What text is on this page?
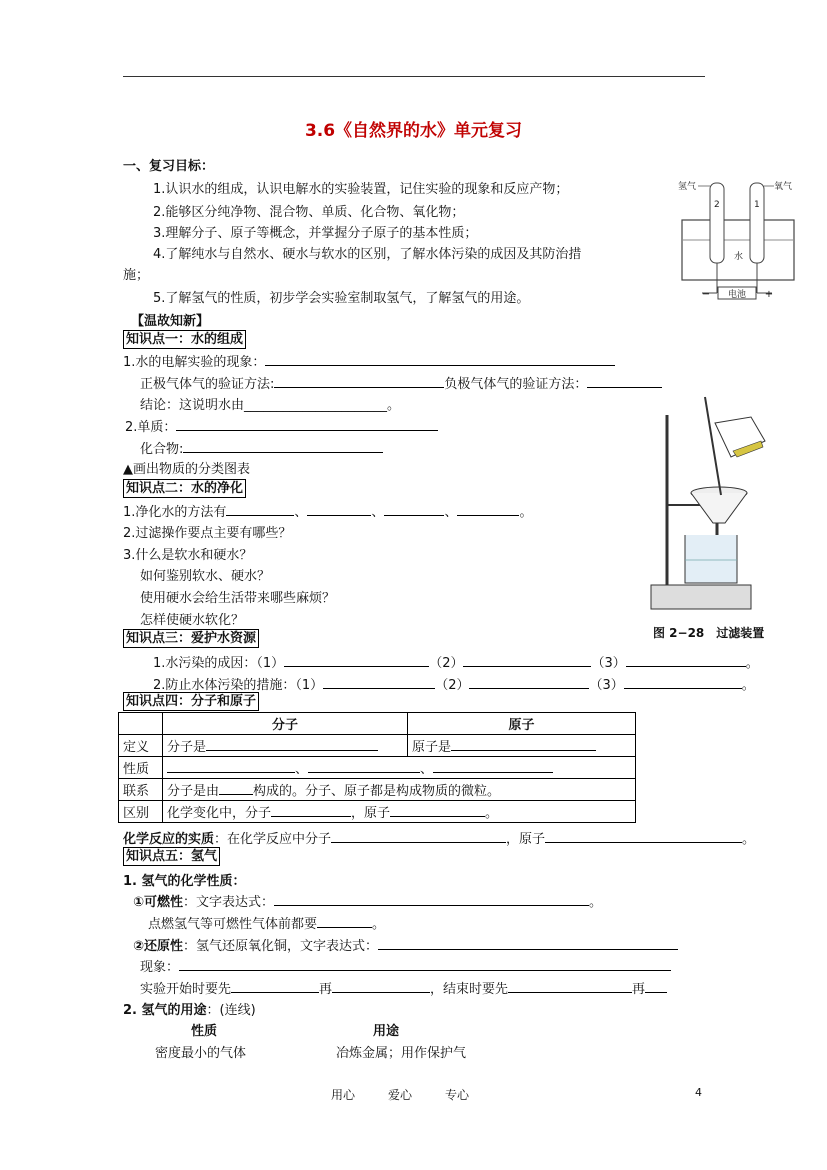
3.6《自然界的水》单元复习
一、复习目标：
1.认识水的组成，认识电解水的实验装置，记住实验的现象和反应产物；
2.能够区分纯净物、混合物、单质、化合物、氧化物；
3.理解分子、原子等概念，并掌握分子原子的基本性质；
4.了解纯水与自然水、硬水与软水的区别，了解水体污染的成因及其防治措
施；
5.了解氢气的性质，初步学会实验室制取氢气，了解氢气的用途。	电池
−	+
氢气	氧气
2	1
水
【温故知新】
知识点一：水的组成
1.水的电解实验的现象：
正极气体气的验证方法:	负极气体气的验证方法：
结论：这说明水由______________________。
2.单质：
化合物:
▲画出物质的分类图表
知识点二：水的净化
1.净化水的方法有	、	、	、	。
2.过滤操作要点主要有哪些？
3.什么是软水和硬水？
如何鉴别软水、硬水？
使用硬水会给生活带来哪些麻烦？
怎样使硬水软化？
图 2−28　过滤装置
知识点三：爱护水资源
1.水污染的成因：（1）	（2）	（3）	。
2.防止水体污染的措施：（1）	（2）	（3）	。
知识点四：分子和原子
	分子	原子
定义	分子是	原子是
性质	、 、	
联系	分子是由 构成的。分子、原子都是构成物质的微粒。	
区别	化学变化中，分子 ，原子 。	
化学反应的实质：在化学反应中分子	，原子	。
知识点五：氢气
1. 氢气的化学性质：
①可燃性：文字表达式：	。
点燃氢气等可燃性气体前都要	。
②还原性：氢气还原氧化铜，文字表达式：
现象：
实验开始时要先	再	，结束时要先	再
2. 氢气的用途：(连线)
性质	用途
密度最小的气体	冶炼金属；用作保护气
用心	爱心	专心	4
